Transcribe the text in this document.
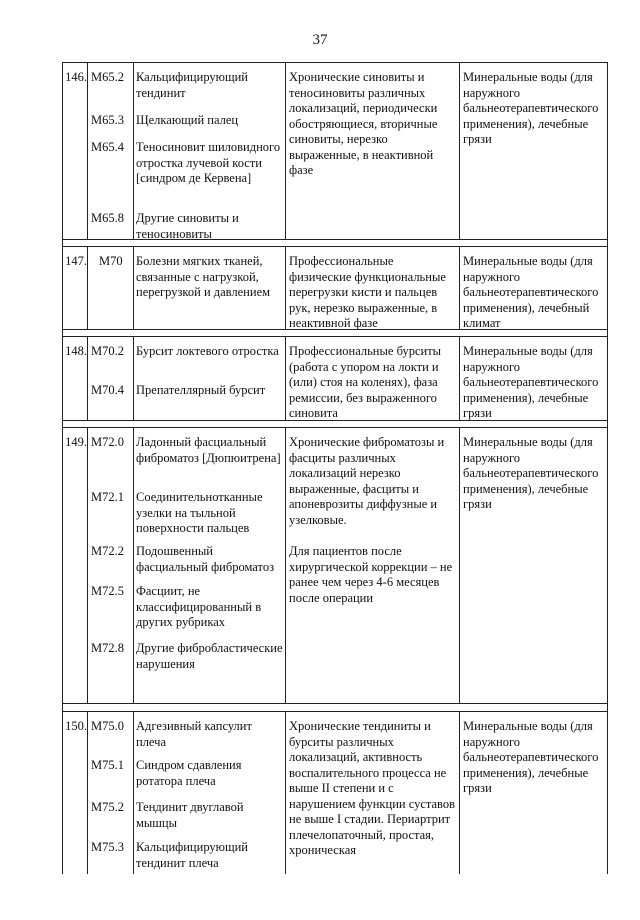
37
146. M65.2 Кальцифицирующий тендинит
M65.3 Щелкающий палец
M65.4 Теносиновит шиловидного отростка лучевой кости [синдром де Кервена]
M65.8 Другие синовиты и теносиновиты
Хронические синовиты и теносиновиты различных локализаций, периодически обостряющиеся, вторичные синовиты, нерезко выраженные, в неактивной фазе
Минеральные воды (для наружного бальнеотерапевтического применения), лечебные грязи
147. M70	Болезни мягких тканей, связанные с нагрузкой, перегрузкой и давлением
Профессиональные физические функциональные перегрузки кисти и пальцев рук, нерезко выраженные, в неактивной фазе
Минеральные воды (для наружного бальнеотерапевтического применения), лечебный климат
148. M70.2 Бурсит локтевого отростка
M70.4 Препателлярный бурсит
Профессиональные бурситы (работа с упором на локти и (или) стоя на коленях), фаза ремиссии, без выраженного синовита
Минеральные воды (для наружного бальнеотерапевтического применения), лечебные грязи
149. M72.0 Ладонный фасциальный фиброматоз [Дюпюитрена]
M72.1 Соединительнотканные узелки на тыльной поверхности пальцев
M72.2 Подошвенный фасциальный фиброматоз
M72.5 Фасциит, не классифицированный в других рубриках
M72.8 Другие фибробластические нарушения
Хронические фиброматозы и фасциты различных локализаций нерезко выраженные, фасциты и апоневрозиты диффузные и узелковые.
Для пациентов после хирургической коррекции – не ранее чем через 4-6 месяцев после операции
Минеральные воды (для наружного бальнеотерапевтического применения), лечебные грязи
150. M75.0 Адгезивный капсулит плеча
M75.1 Синдром сдавления ротатора плеча
M75.2 Тендинит двуглавой мышцы
M75.3 Кальцифицирующий тендинит плеча
Хронические тендиниты и бурситы различных локализаций, активность воспалительного процесса не выше II степени и с нарушением функции суставов не выше I стадии. Периартрит плечелопаточный, простая, хроническая
Минеральные воды (для наружного бальнеотерапевтического применения), лечебные грязи
